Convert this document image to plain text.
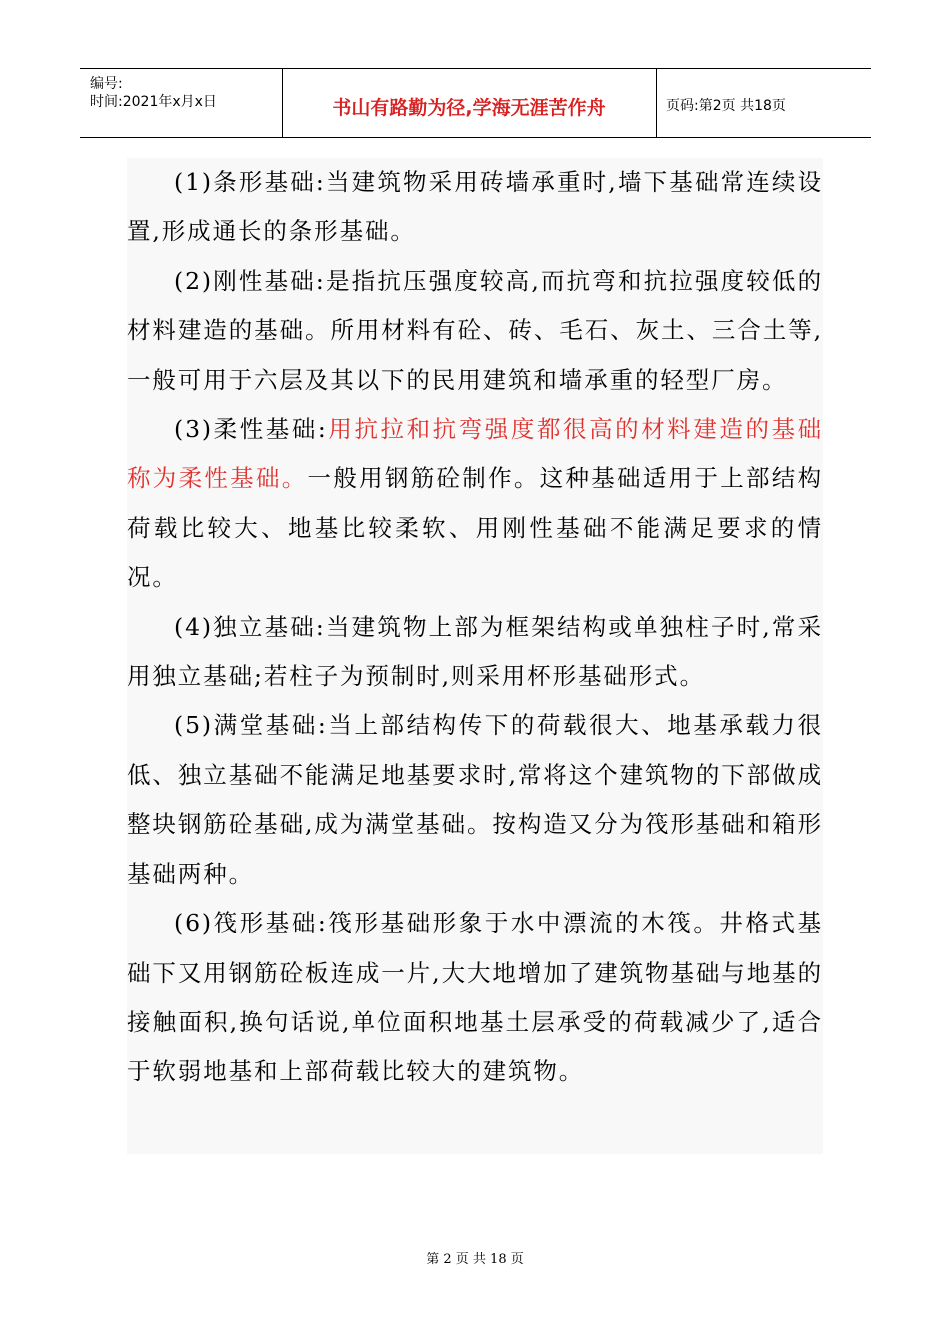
编号:
时间:2021年x月x日	书山有路勤为径,学海无涯苦作舟	页码:第2页 共18页

(1)条形基础:当建筑物采用砖墙承重时,墙下基础常连续设置,形成通长的条形基础。

(2)刚性基础:是指抗压强度较高,而抗弯和抗拉强度较低的材料建造的基础。所用材料有砼、砖、毛石、灰土、三合土等,一般可用于六层及其以下的民用建筑和墙承重的轻型厂房。

(3)柔性基础:用抗拉和抗弯强度都很高的材料建造的基础称为柔性基础。一般用钢筋砼制作。这种基础适用于上部结构荷载比较大、地基比较柔软、用刚性基础不能满足要求的情况。

(4)独立基础:当建筑物上部为框架结构或单独柱子时,常采用独立基础;若柱子为预制时,则采用杯形基础形式。

(5)满堂基础:当上部结构传下的荷载很大、地基承载力很低、独立基础不能满足地基要求时,常将这个建筑物的下部做成整块钢筋砼基础,成为满堂基础。按构造又分为筏形基础和箱形基础两种。

(6)筏形基础:筏形基础形象于水中漂流的木筏。井格式基础下又用钢筋砼板连成一片,大大地增加了建筑物基础与地基的接触面积,换句话说,单位面积地基土层承受的荷载减少了,适合于软弱地基和上部荷载比较大的建筑物。

第 2 页 共 18 页
